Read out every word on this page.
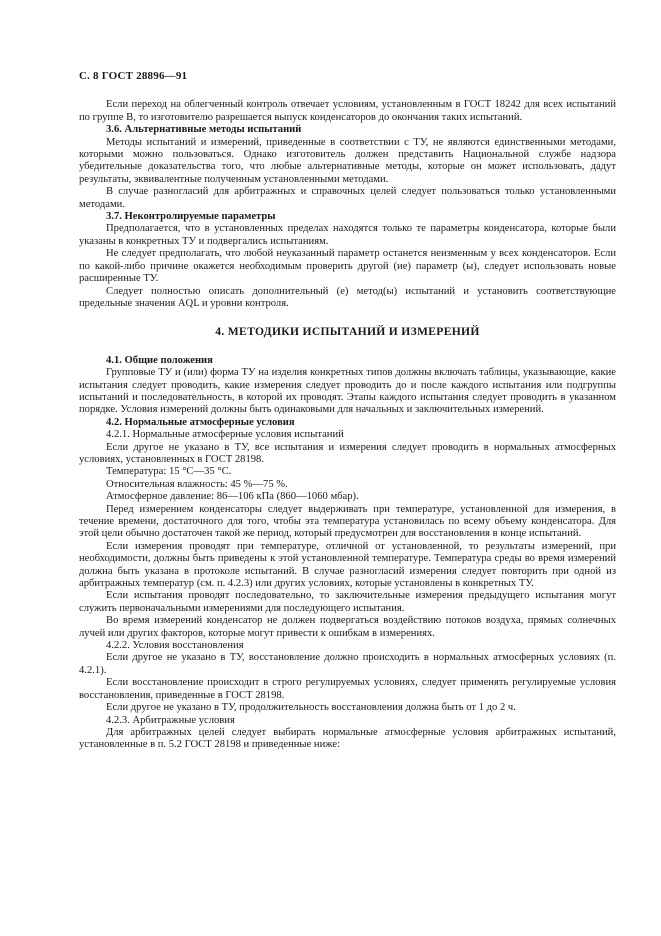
С. 8 ГОСТ 28896—91

Если переход на облегченный контроль отвечает условиям, установленным в ГОСТ 18242 для всех испытаний по группе B, то изготовителю разрешается выпуск конденсаторов до окончания таких испытаний.

3.6. Альтернативные методы испытаний

Методы испытаний и измерений, приведенные в соответствии с ТУ, не являются единственными методами, которыми можно пользоваться. Однако изготовитель должен представить Национальной службе надзора убедительные доказательства того, что любые альтернативные методы, которые он может использовать, дадут результаты, эквивалентные полученным установленными методами.

В случае разногласий для арбитражных и справочных целей следует пользоваться только установленными методами.

3.7. Неконтролируемые параметры

Предполагается, что в установленных пределах находятся только те параметры конденсатора, которые были указаны в конкретных ТУ и подвергались испытаниям.

Не следует предполагать, что любой неуказанный параметр останется неизменным у всех конденсаторов. Если по какой-либо причине окажется необходимым проверить другой (ие) параметр (ы), следует использовать новые расширенные ТУ.

Следует полностью описать дополнительный (е) метод(ы) испытаний и установить соответствующие предельные значения AQL и уровни контроля.

4. МЕТОДИКИ ИСПЫТАНИЙ И ИЗМЕРЕНИЙ
4.1. Общие положения

Групповые ТУ и (или) форма ТУ на изделия конкретных типов должны включать таблицы, указывающие, какие испытания следует проводить, какие измерения следует проводить до и после каждого испытания или подгруппы испытаний и последовательность, в которой их проводят. Этапы каждого испытания следует проводить в указанном порядке. Условия измерений должны быть одинаковыми для начальных и заключительных измерений.

4.2. Нормальные атмосферные условия
4.2.1. Нормальные атмосферные условия испытаний

Если другое не указано в ТУ, все испытания и измерения следует проводить в нормальных атмосферных условиях, установленных в ГОСТ 28198.

Температура: 15 °С—35 °С.
Относительная влажность: 45 %—75 %.
Атмосферное давление: 86—106 кПа (860—1060 мбар).

Перед измерением конденсаторы следует выдерживать при температуре, установленной для измерения, в течение времени, достаточного для того, чтобы эта температура установилась по всему объему конденсатора. Для этой цели обычно достаточен такой же период, который предусмотрен для восстановления в конце испытаний.

Если измерения проводят при температуре, отличной от установленной, то результаты измерений, при необходимости, должны быть приведены к этой установленной температуре. Температура среды во время измерений должна быть указана в протоколе испытаний. В случае разногласий измерения следует повторить при одной из арбитражных температур (см. п. 4.2.3) или других условиях, которые установлены в конкретных ТУ.

Если испытания проводят последовательно, то заключительные измерения предыдущего испытания могут служить первоначальными измерениями для последующего испытания.

Во время измерений конденсатор не должен подвергаться воздействию потоков воздуха, прямых солнечных лучей или других факторов, которые могут привести к ошибкам в измерениях.

4.2.2. Условия восстановления

Если другое не указано в ТУ, восстановление должно происходить в нормальных атмосферных условиях (п. 4.2.1).

Если восстановление происходит в строго регулируемых условиях, следует применять регулируемые условия восстановления, приведенные в ГОСТ 28198.

Если другое не указано в ТУ, продолжительность восстановления должна быть от 1 до 2 ч.

4.2.3. Арбитражные условия

Для арбитражных целей следует выбирать нормальные атмосферные условия арбитражных испытаний, установленные в п. 5.2 ГОСТ 28198 и приведенные ниже:
